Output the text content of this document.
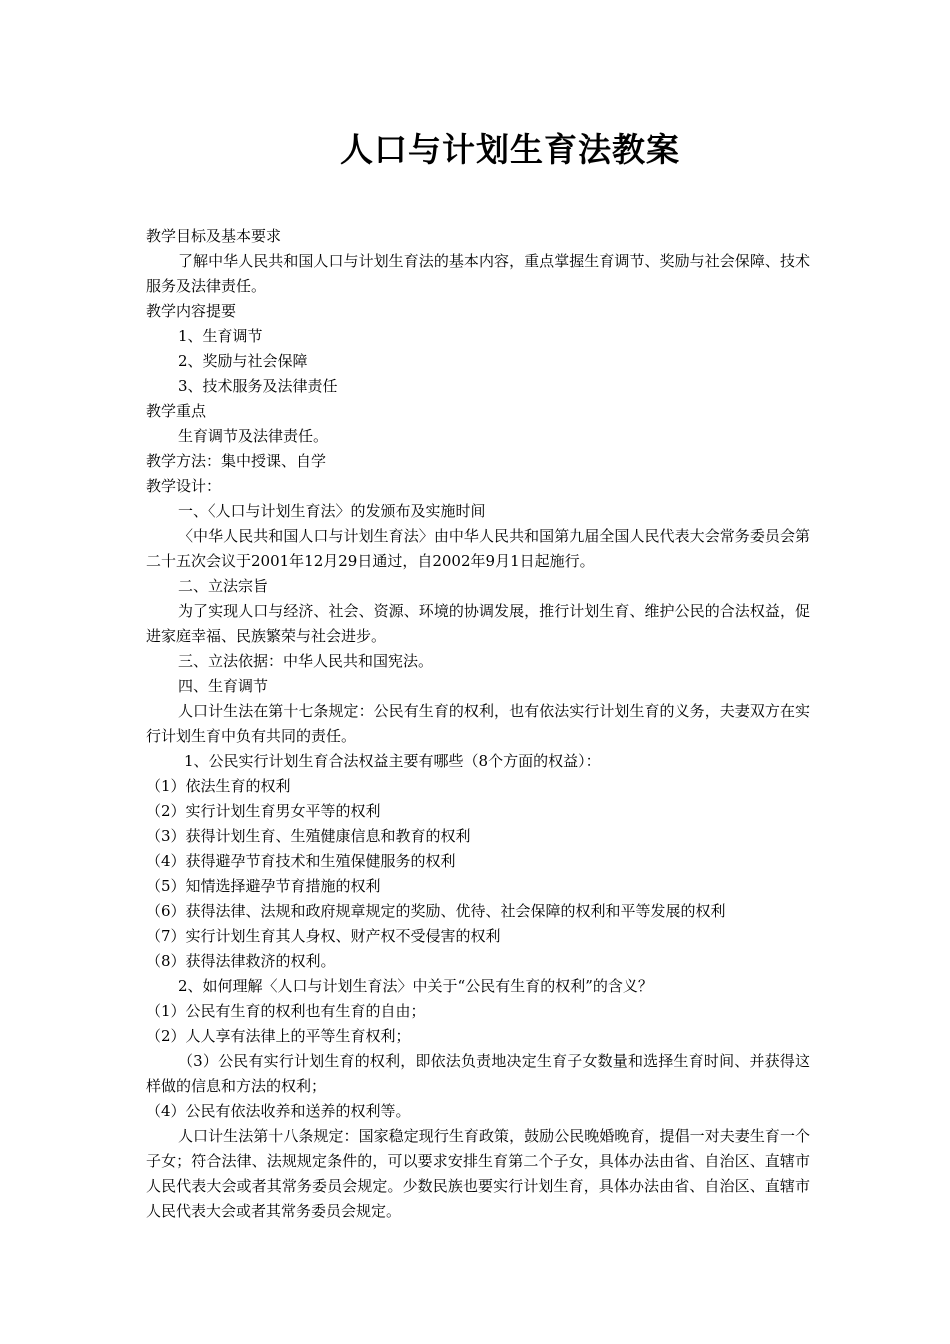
人口与计划生育法教案

教学目标及基本要求

了解中华人民共和国人口与计划生育法的基本内容，重点掌握生育调节、奖励与社会保障、技术服务及法律责任。

教学内容提要

1、生育调节

2、奖励与社会保障

3、技术服务及法律责任

教学重点

生育调节及法律责任。

教学方法：集中授课、自学

教学设计：

一、〈人口与计划生育法〉的发颁布及实施时间

〈中华人民共和国人口与计划生育法〉由中华人民共和国第九届全国人民代表大会常务委员会第二十五次会议于2001年12月29日通过，自2002年9月1日起施行。

二、立法宗旨

为了实现人口与经济、社会、资源、环境的协调发展，推行计划生育、维护公民的合法权益，促进家庭幸福、民族繁荣与社会进步。

三、立法依据：中华人民共和国宪法。

四、生育调节

人口计生法在第十七条规定：公民有生育的权利，也有依法实行计划生育的义务，夫妻双方在实行计划生育中负有共同的责任。

1、公民实行计划生育合法权益主要有哪些（8个方面的权益）：

（1）依法生育的权利

（2）实行计划生育男女平等的权利

（3）获得计划生育、生殖健康信息和教育的权利

（4）获得避孕节育技术和生殖保健服务的权利

（5）知情选择避孕节育措施的权利

（6）获得法律、法规和政府规章规定的奖励、优待、社会保障的权利和平等发展的权利

（7）实行计划生育其人身权、财产权不受侵害的权利

（8）获得法律救济的权利。

2、如何理解〈人口与计划生育法〉中关于“公民有生育的权利”的含义？

（1）公民有生育的权利也有生育的自由；

（2）人人享有法律上的平等生育权利；

（3）公民有实行计划生育的权利，即依法负责地决定生育子女数量和选择生育时间、并获得这样做的信息和方法的权利；

（4）公民有依法收养和送养的权利等。

人口计生法第十八条规定：国家稳定现行生育政策，鼓励公民晚婚晚育，提倡一对夫妻生育一个子女；符合法律、法规规定条件的，可以要求安排生育第二个子女，具体办法由省、自治区、直辖市人民代表大会或者其常务委员会规定。少数民族也要实行计划生育，具体办法由省、自治区、直辖市人民代表大会或者其常务委员会规定。
